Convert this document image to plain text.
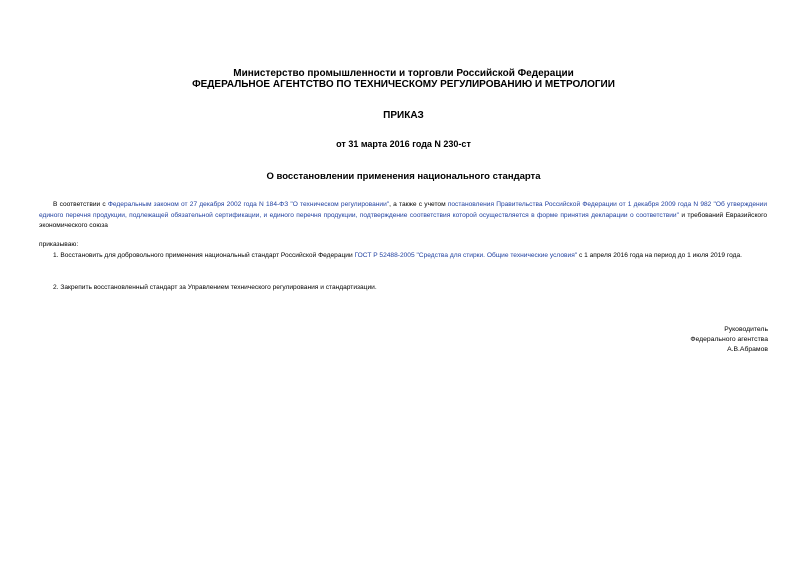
Министерство промышленности и торговли Российской Федерации
ФЕДЕРАЛЬНОЕ АГЕНТСТВО ПО ТЕХНИЧЕСКОМУ РЕГУЛИРОВАНИЮ И МЕТРОЛОГИИ
ПРИКАЗ
от 31 марта 2016 года N 230-ст
О восстановлении применения национального стандарта
В соответствии с Федеральным законом от 27 декабря 2002 года N 184-ФЗ "О техническом регулировании", а также с учетом постановления Правительства Российской Федерации от 1 декабря 2009 года N 982 "Об утверждении единого перечня продукции, подлежащей обязательной сертификации, и единого перечня продукции, подтверждение соответствия которой осуществляется в форме принятия декларации о соответствии" и требований Евразийского экономического союза
приказываю:
1. Восстановить для добровольного применения национальный стандарт Российской Федерации ГОСТ Р 52488-2005 "Средства для стирки. Общие технические условия" с 1 апреля 2016 года на период до 1 июля 2019 года.
2. Закрепить восстановленный стандарт за Управлением технического регулирования и стандартизации.
Руководитель
Федерального агентства
А.В.Абрамов
